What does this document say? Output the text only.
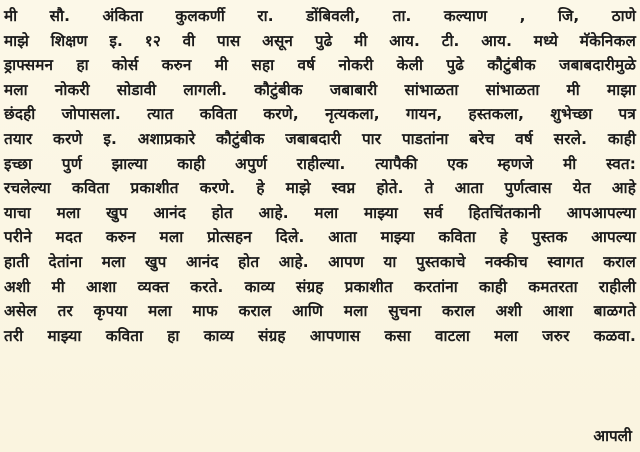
मी सौ. अंकिता कुलकर्णी रा. डोंबिवली, ता. कल्याण , जि, ठाणे
माझे शिक्षण इ. १२ वी पास असून पुढे मी आय. टी. आय. मध्ये मॅकेनिकल
ड्राफ्समन हा कोर्स करुन मी सहा वर्ष नोकरी केली पुढे कौटुंबीक जबाबदारीमुळे
मला नोकरी सोडावी लागली. कौटुंबीक जबाबारी सांभाळता सांभाळता मी माझा
छंदही जोपासला. त्यात कविता करणे, नृत्यकला, गायन, हस्तकला, शुभेच्छा पत्र
तयार करणे इ. अशाप्रकारे कौटुंबीक जबाबदारी पार पाडतांना बरेच वर्ष सरले. काही
इच्छा पुर्ण झाल्या काही अपुर्ण राहील्या. त्यापैकी एक म्हणजे मी स्वत:
रचलेल्या कविता प्रकाशीत करणे. हे माझे स्वप्न होते. ते आता पुर्णत्वास येत आहे
याचा मला खुप आनंद होत आहे. मला माझ्या सर्व हितचिंतकानी आपआपल्या
परीने मदत करुन मला प्रोत्सहन दिले. आता माझ्या कविता हे पुस्तक आपल्या
हाती देतांना मला खुप आनंद होत आहे. आपण या पुस्तकाचे नक्कीच स्वागत कराल
अशी मी आशा व्यक्त करते. काव्य संग्रह प्रकाशीत करतांना काही कमतरता राहीली
असेल तर कृपया मला माफ कराल आणि मला सुचना कराल अशी आशा बाळगते
तरी माझ्या कविता हा काव्य संग्रह आपणास कसा वाटला मला जरुर कळवा.
आपली
